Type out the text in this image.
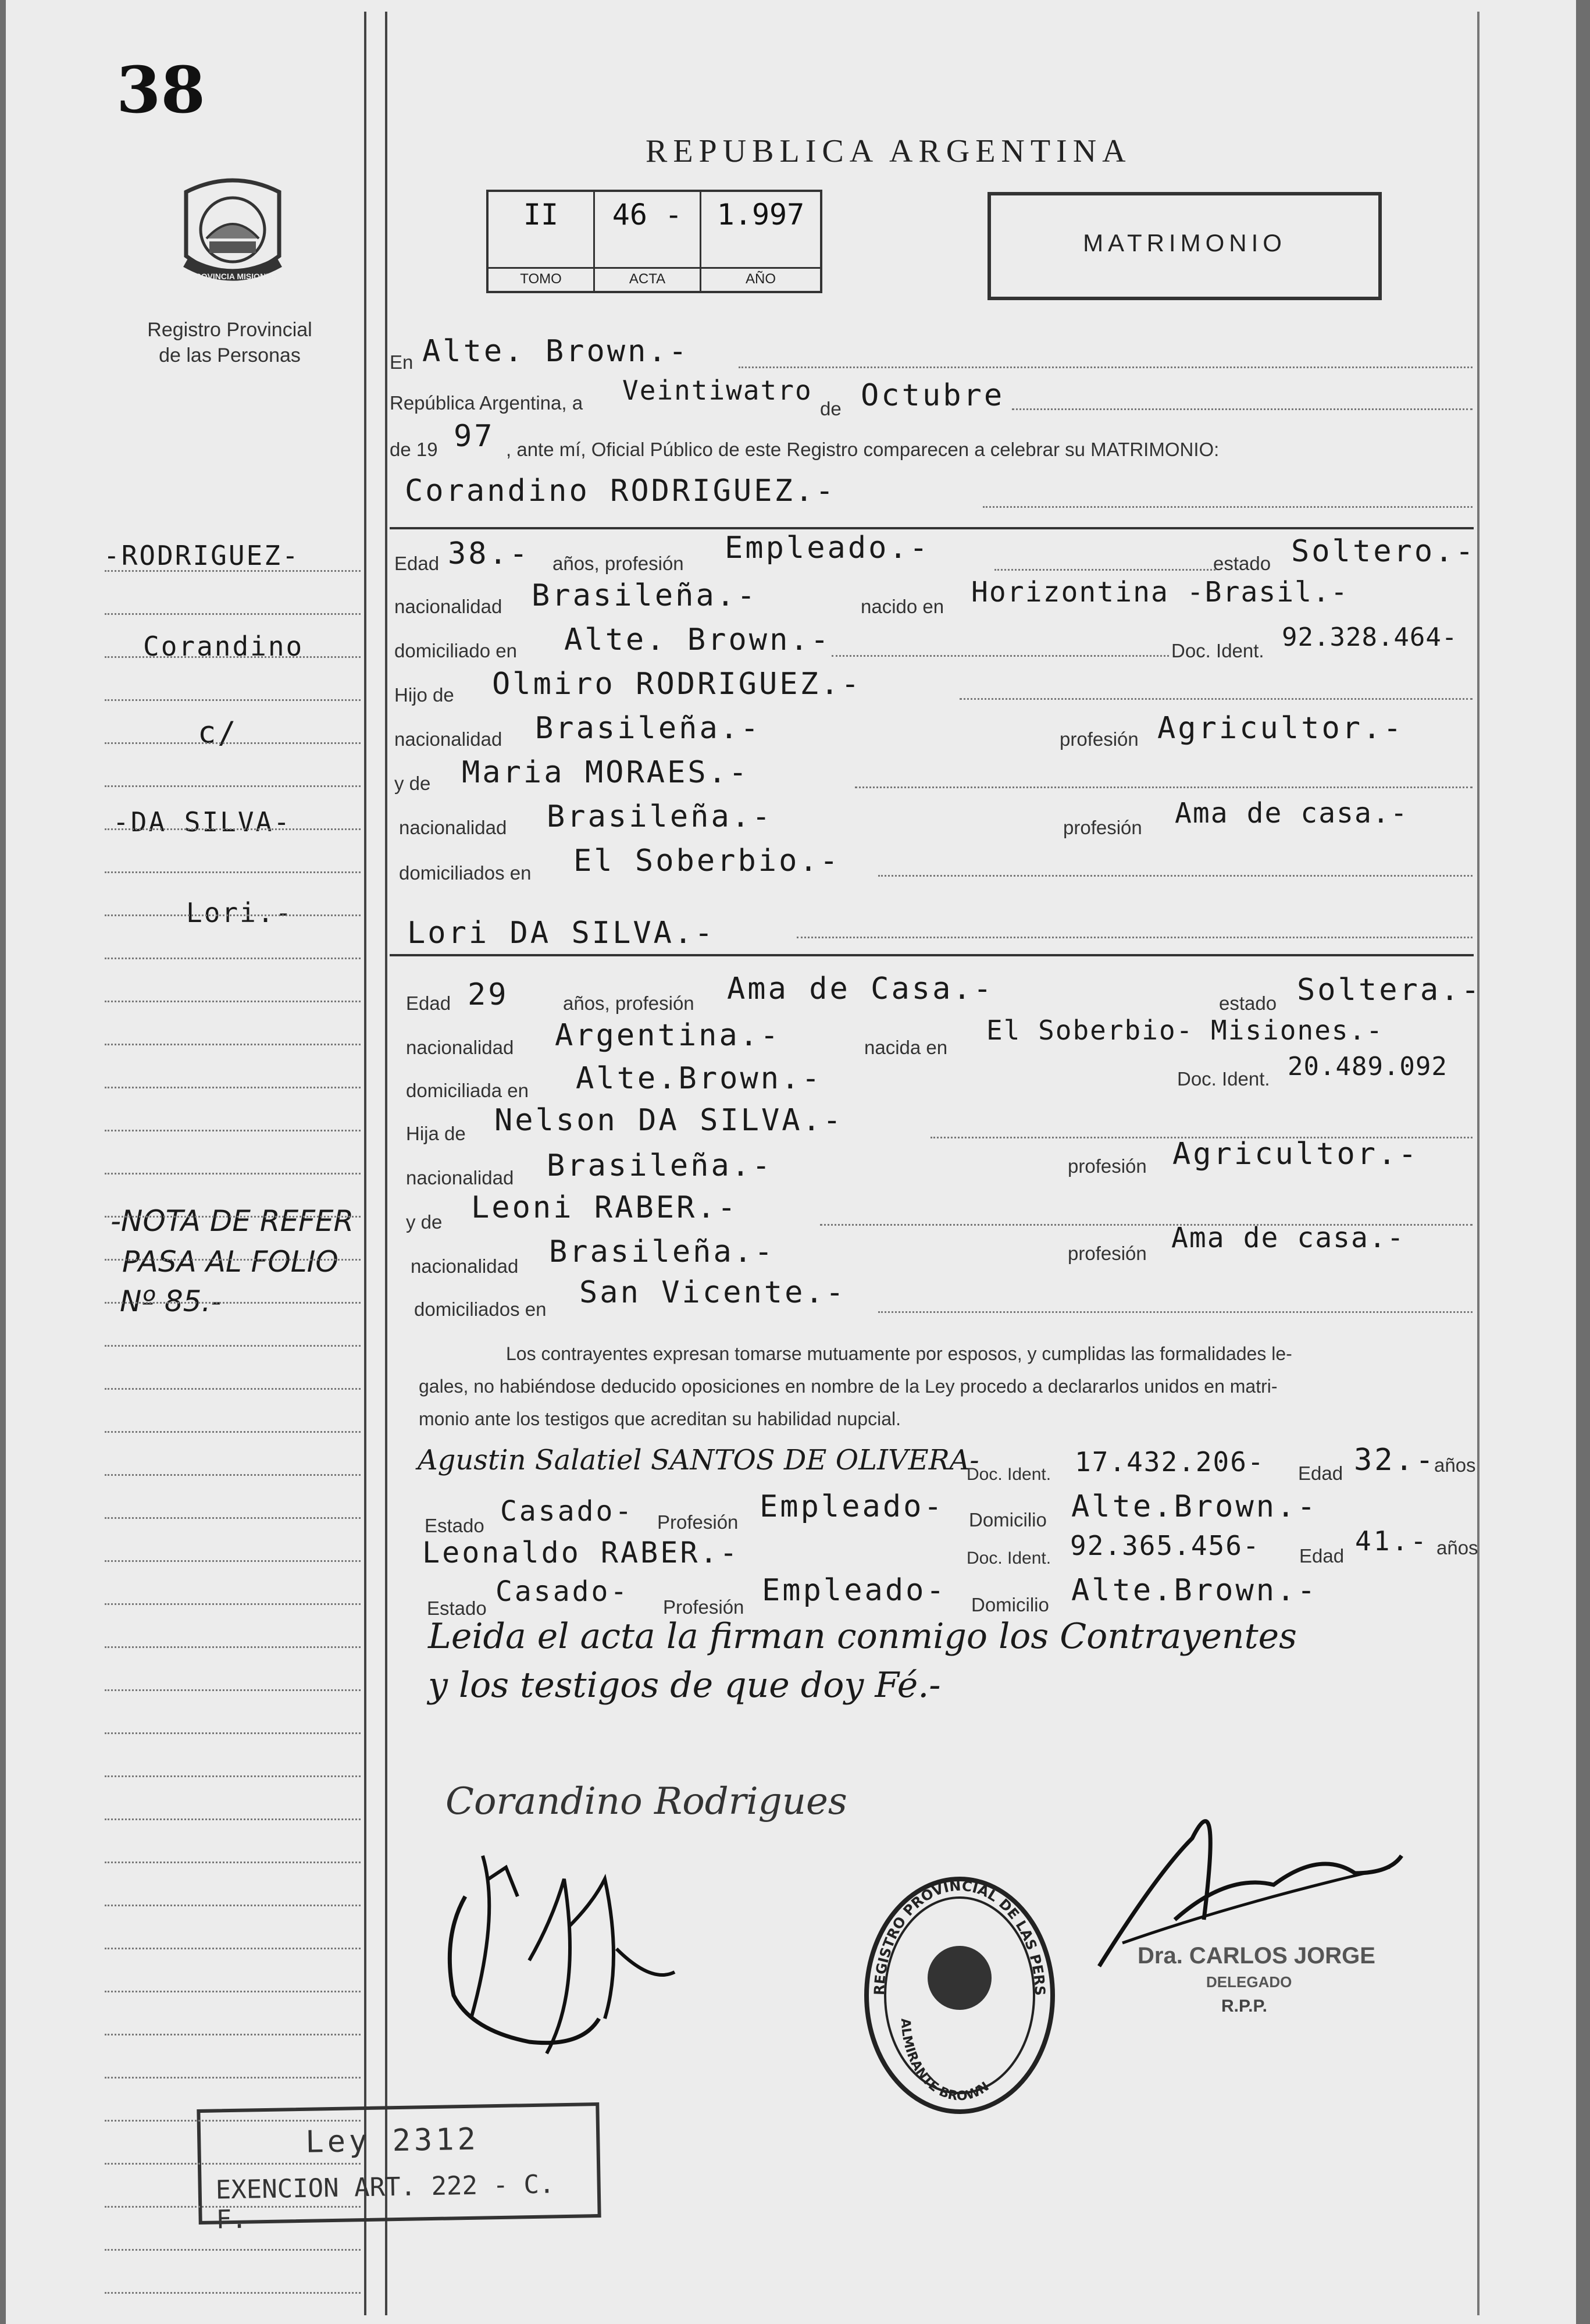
38
PROVINCIA MISIONES
Registro Provincial
de las Personas
REPUBLICA ARGENTINA
II
TOMO
46 -
ACTA
1.997
AÑO
MATRIMONIO
En Alte. Brown.-
República Argentina, a Veintiwatro
de Octubre
de 19 97 , ante mí, Oficial Público de este Registro comparecen a celebrar su MATRIMONIO:
Corandino RODRIGUEZ.-
Edad 38.- años, profesión Empleado.-	estado Soltero.-
nacionalidad Brasileña.-	nacido en Horizontina -Brasil.-
domiciliado en Alte. Brown.-	Doc. Ident. 92.328.464-
Hijo de Olmiro RODRIGUEZ.-
nacionalidad Brasileña.-	profesión Agricultor.-
y de Maria MORAES.-
nacionalidad Brasileña.-	profesión Ama de casa.-
domiciliados en El Soberbio.-
Lori DA SILVA.-
Edad 29	años, profesión Ama de Casa.-	estado Soltera.-
nacionalidad Argentina.-	nacida en
El Soberbio- Misiones.-
domiciliada en Alte.Brown.-	Doc. Ident. 20.489.092
Hija de Nelson DA SILVA.-
nacionalidad Brasileña.-	profesión Agricultor.-
y de Leoni RABER.-
nacionalidad Brasileña.-	profesión Ama de casa.-
domiciliados en San Vicente.-
Los contrayentes expresan tomarse mutuamente por esposos, y cumplidas las formalidades le-
gales, no habiéndose deducido oposiciones en nombre de la Ley procedo a declararlos unidos en matri-
monio ante los testigos que acreditan su habilidad nupcial.
Agustin Salatiel SANTOS DE OLIVERA-
Doc. Ident. 17.432.206- Edad 32.-
años
Estado Casado- Profesión Empleado- Domicilio Alte.Brown.-
Leonaldo RABER.-	Doc. Ident. 92.365.456- Edad 41.- años
Estado
Casado- Profesión Empleado- Domicilio Alte.Brown.-
Leida el acta la firman conmigo los Contrayentes
y los testigos de que doy Fé.-
Corandino Rodrigues
Dra. CARLOS JORGE
DELEGADO
R.P.P.
REGISTRO PROVINCIAL DE LAS PERS
ALMIRANTE BROWN
Ley 2312
EXENCION ART. 222 - C. F.
-RODRIGUEZ-
Corandino
c/
-DA SILVA-
Lori.-
-NOTA DE REFER
PASA AL FOLIO
Nº 85.-
